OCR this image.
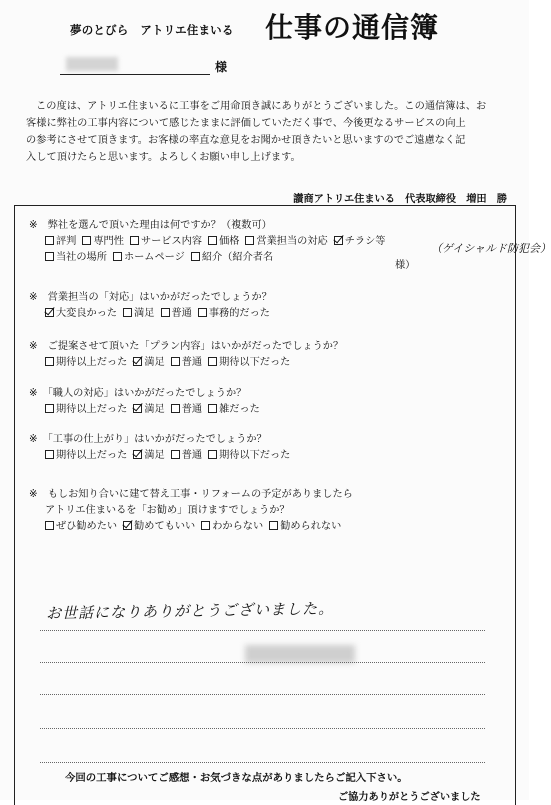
夢のとびら　アトリエ住まいる 仕事の通信簿
様

この度は、アトリエ住まいるに工事をご用命頂き誠にありがとうございました。この通信簿は、お

客様に弊社の工事内容について感じたままに評価していただく事で、今後更なるサービスの向上
の参考にさせて頂きます。お客様の率直な意見をお聞かせ頂きたいと思いますのでご遠慮なく記
入して頂けたらと思います。よろしくお願い申し上げます。
讃商アトリエ住まいる　代表取締役　増田　勝
※　弊社を選んで頂いた理由は何ですか？（複数可）
評判 専門性 サービス内容 価格 営業担当の対応 チラシ等
当社の場所 ホームページ 紹介（紹介者名
（ゲイシャルド防犯会）
様）
※　営業担当の「対応」はいかがだったでしょうか？
大変良かった 満足 普通 事務的だった
※　ご提案させて頂いた「プラン内容」はいかがだったでしょうか？
期待以上だった 満足 普通 期待以下だった
※　「職人の対応」はいかがだったでしょうか？
期待以上だった 満足 普通 雑だった
※　「工事の仕上がり」はいかがだったでしょうか？
期待以上だった 満足 普通 期待以下だった
※　もしお知り合いに建て替え工事・リフォームの予定がありましたら
アトリエ住まいるを「お勧め」頂けますでしょうか？
ぜひ勧めたい 勧めてもいい わからない 勧められない
今回の工事についてご感想・お気づきな点がありましたらご記入下さい。
お世話になりありがとうございました。
ご協力ありがとうございました
